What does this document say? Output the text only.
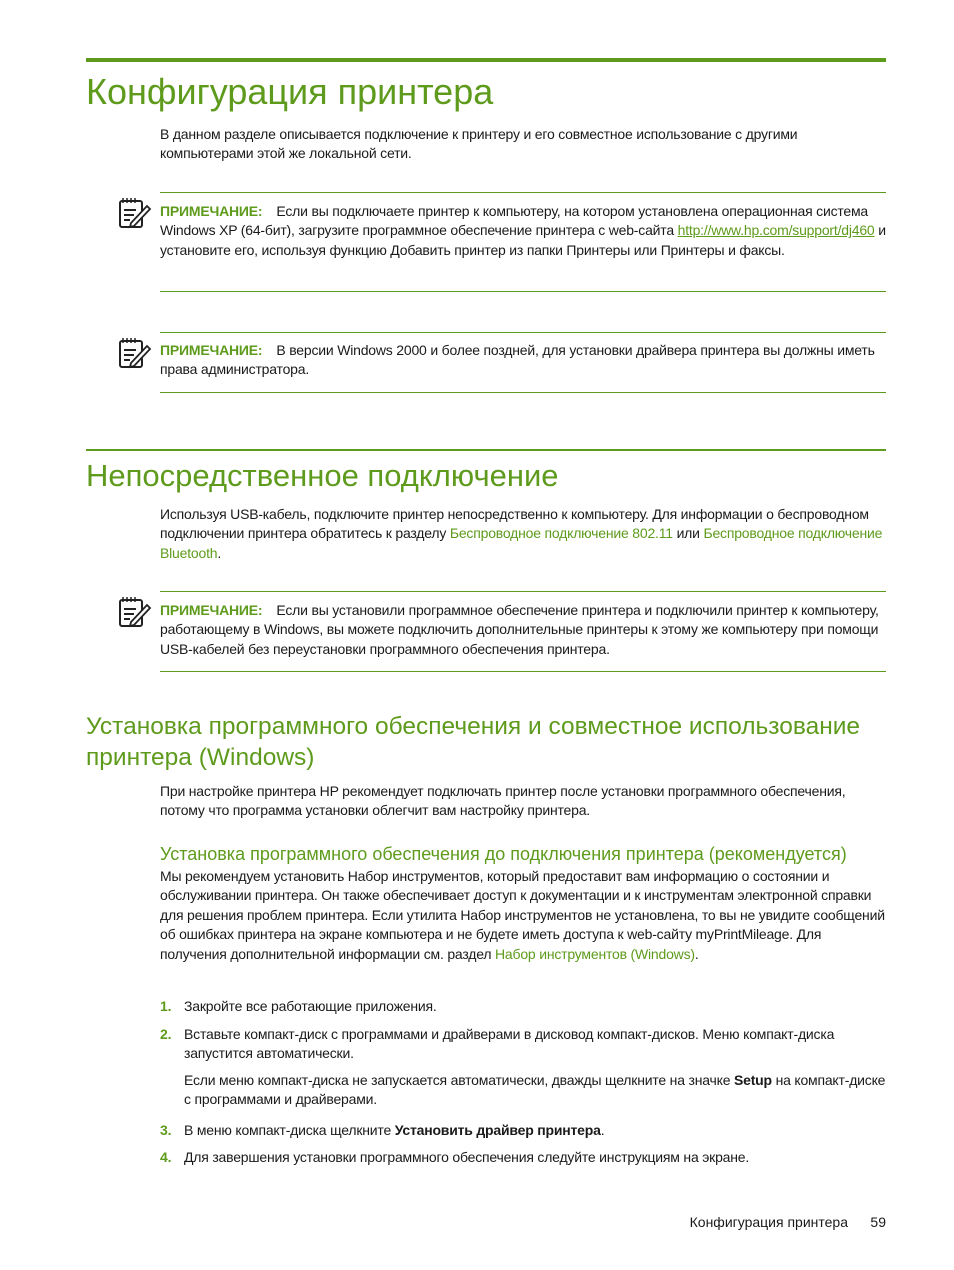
Конфигурация принтера
В данном разделе описывается подключение к принтеру и его совместное использование с другими компьютерами этой же локальной сети.
ПРИМЕЧАНИЕ: Если вы подключаете принтер к компьютеру, на котором установлена операционная система Windows XP (64-бит), загрузите программное обеспечение принтера с web-сайта http://www.hp.com/support/dj460 и установите его, используя функцию Добавить принтер из папки Принтеры или Принтеры и факсы.
ПРИМЕЧАНИЕ: В версии Windows 2000 и более поздней, для установки драйвера принтера вы должны иметь права администратора.
Непосредственное подключение
Используя USB-кабель, подключите принтер непосредственно к компьютеру. Для информации о беспроводном подключении принтера обратитесь к разделу Беспроводное подключение 802.11 или Беспроводное подключение Bluetooth.
ПРИМЕЧАНИЕ: Если вы установили программное обеспечение принтера и подключили принтер к компьютеру, работающему в Windows, вы можете подключить дополнительные принтеры к этому же компьютеру при помощи USB-кабелей без переустановки программного обеспечения принтера.
Установка программного обеспечения и совместное использование принтера (Windows)
При настройке принтера HP рекомендует подключать принтер после установки программного обеспечения, потому что программа установки облегчит вам настройку принтера.
Установка программного обеспечения до подключения принтера (рекомендуется)
Мы рекомендуем установить Набор инструментов, который предоставит вам информацию о состоянии и обслуживании принтера. Он также обеспечивает доступ к документации и к инструментам электронной справки для решения проблем принтера. Если утилита Набор инструментов не установлена, то вы не увидите сообщений об ошибках принтера на экране компьютера и не будете иметь доступа к web-сайту myPrintMileage. Для получения дополнительной информации см. раздел Набор инструментов (Windows).
1. Закройте все работающие приложения.
2. Вставьте компакт-диск с программами и драйверами в дисковод компакт-дисков. Меню компакт-диска запустится автоматически.
Если меню компакт-диска не запускается автоматически, дважды щелкните на значке Setup на компакт-диске с программами и драйверами.
3. В меню компакт-диска щелкните Установить драйвер принтера.
4. Для завершения установки программного обеспечения следуйте инструкциям на экране.
Конфигурация принтера 59
